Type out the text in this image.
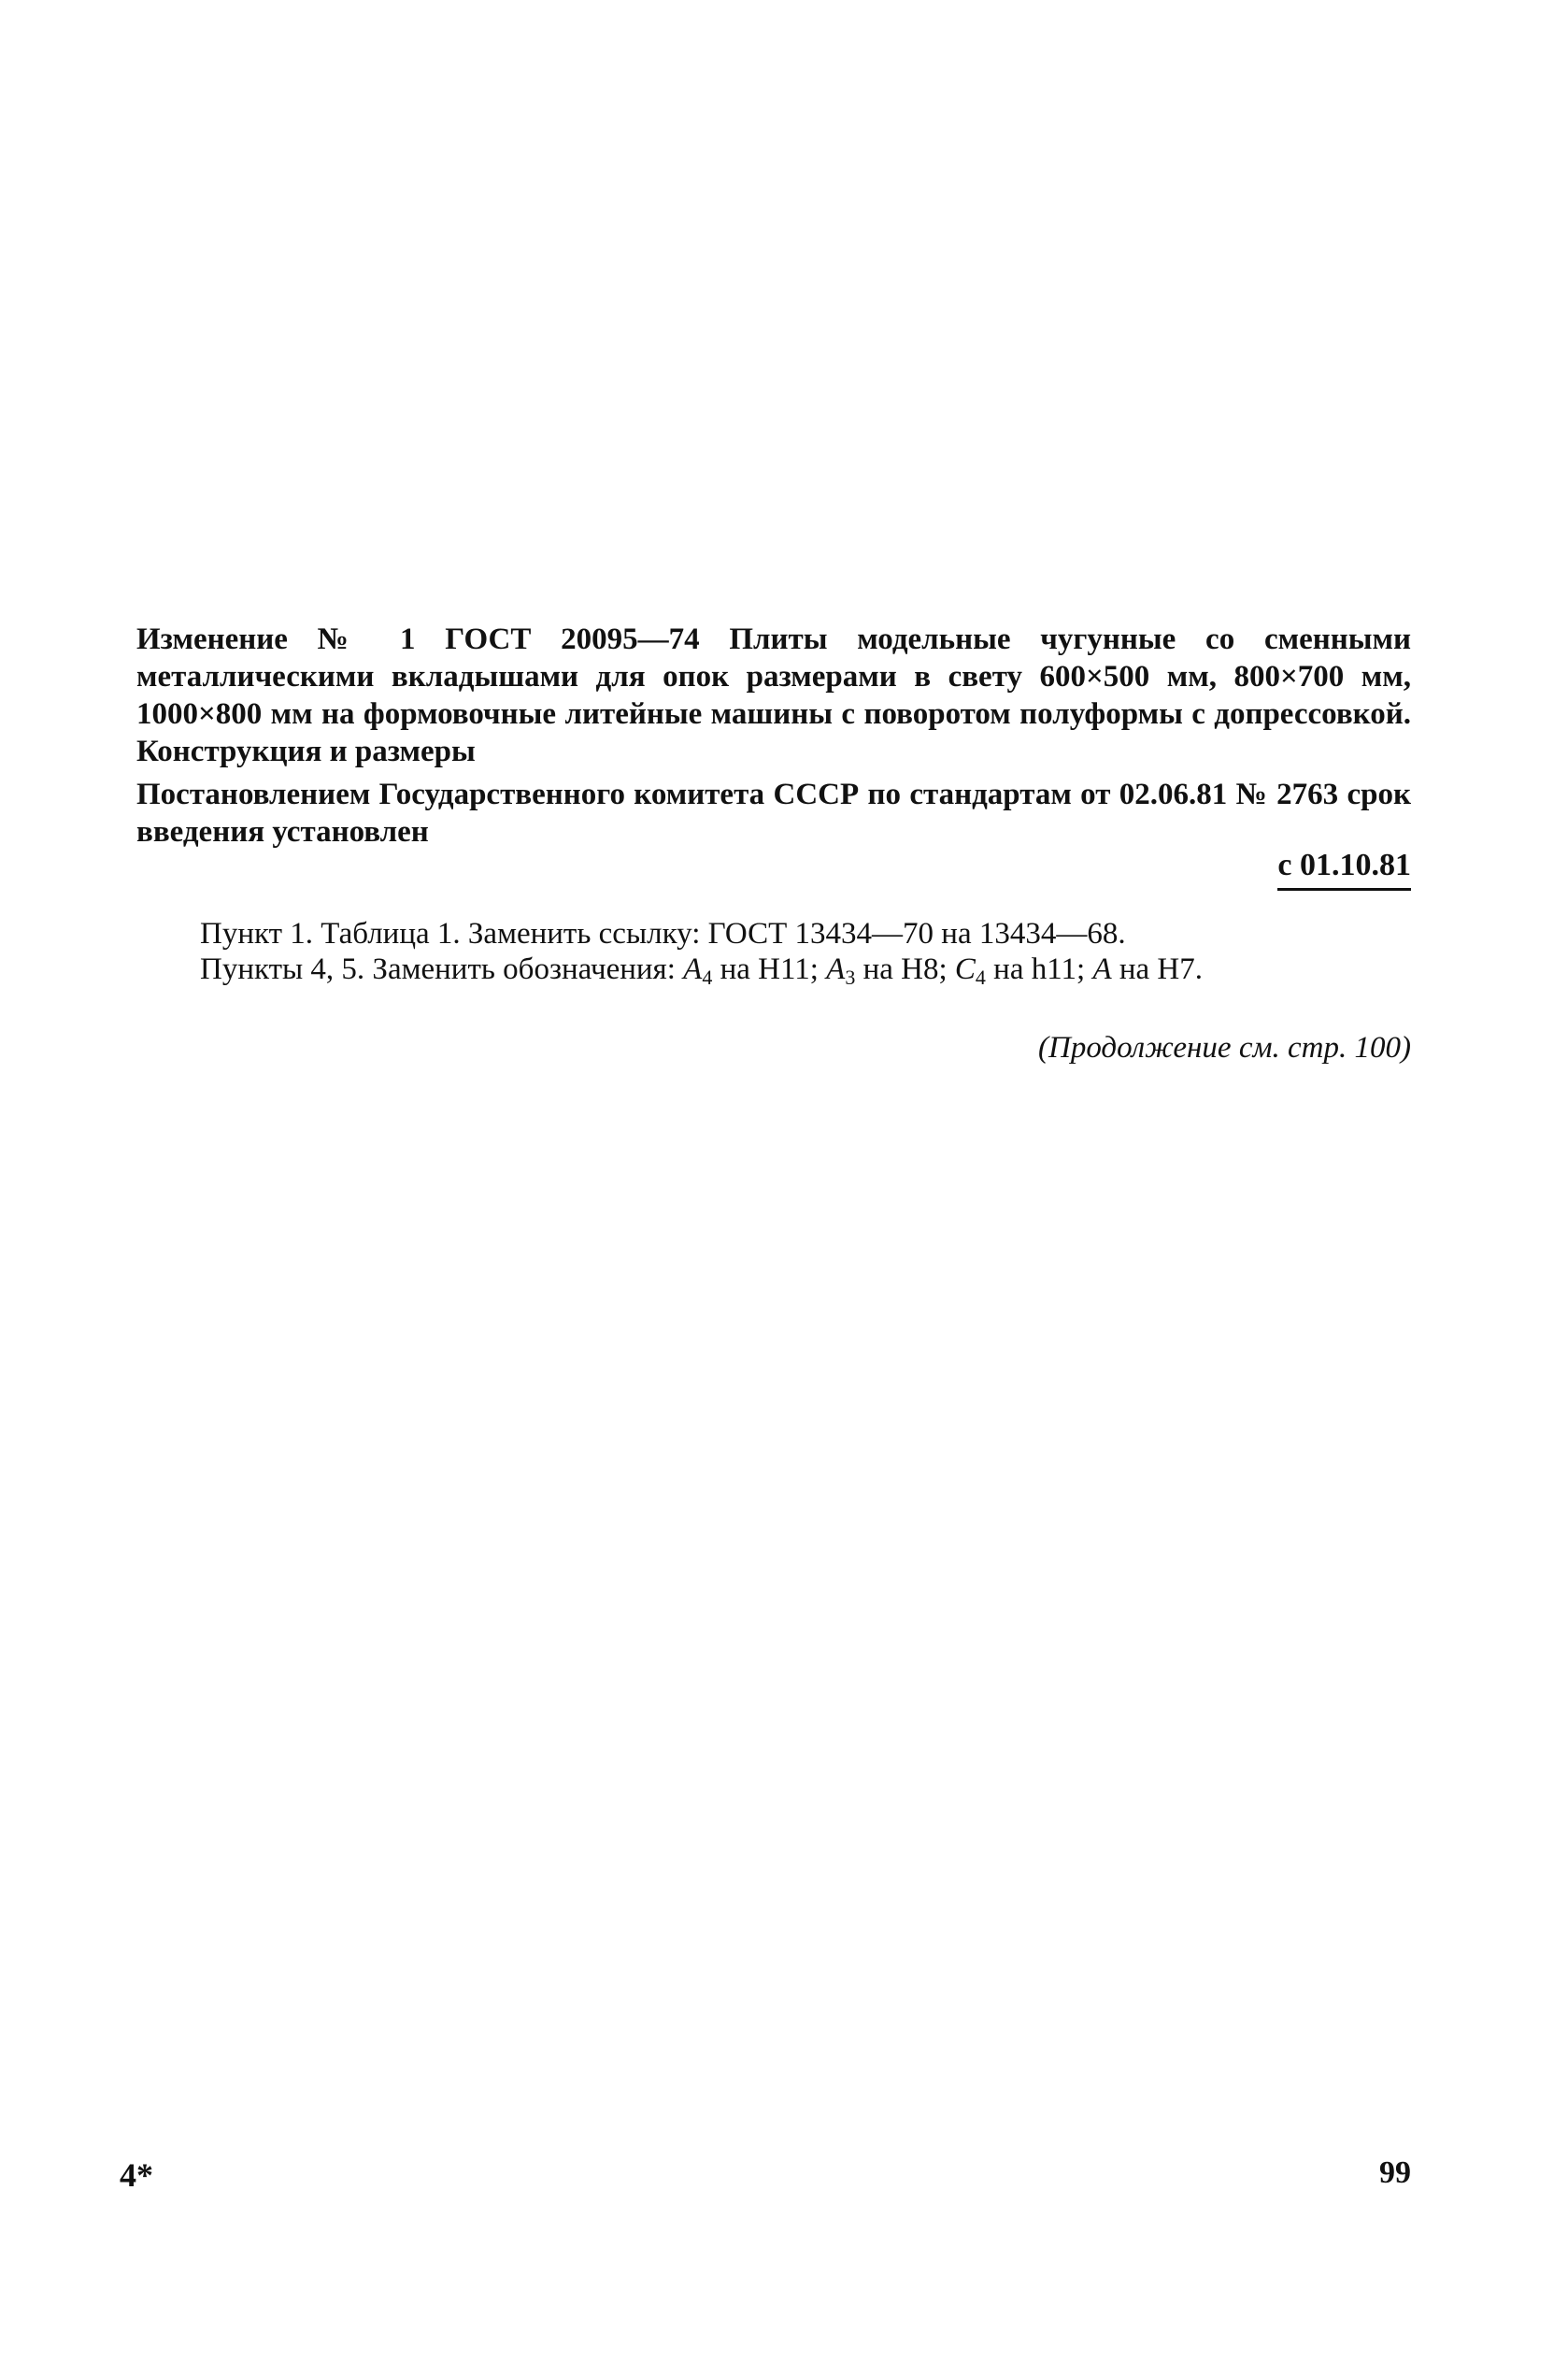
Изменение № 1 ГОСТ 20095—74 Плиты модельные чугунные со сменными металлическими вкладышами для опок размерами в свету 600×500 мм, 800×700 мм, 1000×800 мм на формовочные литейные машины с поворотом полуформы с допрессовкой. Конструкция и размеры
Постановлением Государственного комитета СССР по стандартам от 02.06.81 № 2763 срок введения установлен
с 01.10.81

Пункт 1. Таблица 1. Заменить ссылку: ГОСТ 13434—70 на 13434—68.

Пункты 4, 5. Заменить обозначения: $A_4$ на Н11; $A_3$ на Н8; $C_4$ на h11; A на Н7.

(Продолжение см. стр. 100)
4*	99
